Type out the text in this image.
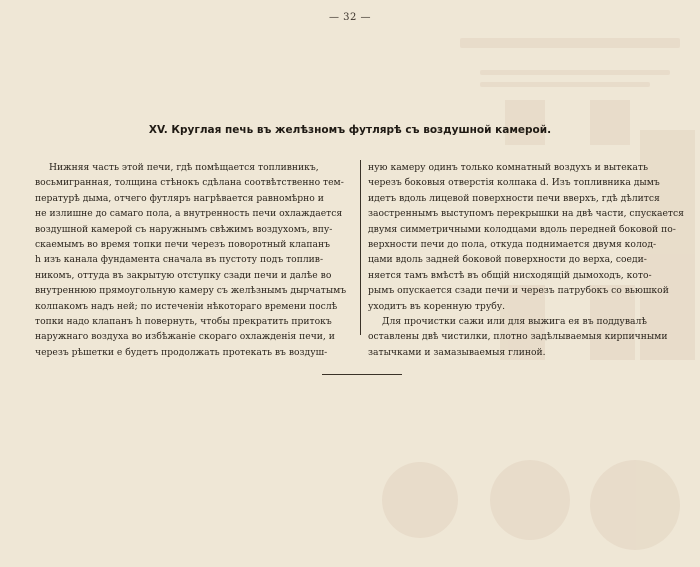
— 32 —
XV. Круглая печь въ желѣзномъ футлярѣ съ воздушной камерой.
Нижняя часть этой печи, гдѣ помѣщается топливникъ,
восьмигранная, толщина стѣнокъ сдѣлана соотвѣтственно тем-
пературѣ дыма, отчего футляръ нагрѣвается равномѣрно и
не излишне до самаго пола, а внутренность печи охлаждается
воздушной камерой съ наружнымъ свѣжимъ воздухомъ, впу-
скаемымъ во время топки печи черезъ поворотный клапанъ
h изъ канала фундамента сначала въ пустоту подъ топлив-
никомъ, оттуда въ закрытую отступку сзади печи и далѣе во
внутреннюю прямоугольную камеру съ желѣзнымъ дырчатымъ
колпакомъ надъ ней; по истеченіи нѣкотораго времени послѣ
топки надо клапанъ h повернуть, чтобы прекратить притокъ
наружнаго воздуха во избѣжаніе скораго охлажденія печи, и
черезъ рѣшетки e будетъ продолжать протекать въ воздуш-
ную камеру одинъ только комнатный воздухъ и вытекать
черезъ боковыя отверстія колпака d. Изъ топливника дымъ
идетъ вдоль лицевой поверхности печи вверхъ, гдѣ дѣлится
заостреннымъ выступомъ перекрышки на двѣ части, спускается
двумя симметричными колодцами вдоль передней боковой по-
верхности печи до пола, откуда поднимается двумя колод-
цами вдоль задней боковой поверхности до верха, соеди-
няется тамъ вмѣстѣ въ общій нисходящій дымоходъ, кото-
рымъ опускается сзади печи и черезъ патрубокъ со вьюшкой
уходитъ въ коренную трубу.
Для прочистки сажи или для выжига ея въ поддувалѣ
оставлены двѣ чистилки, плотно задѣлываемыя кирпичными
затычками и замазываемыя глиной.
